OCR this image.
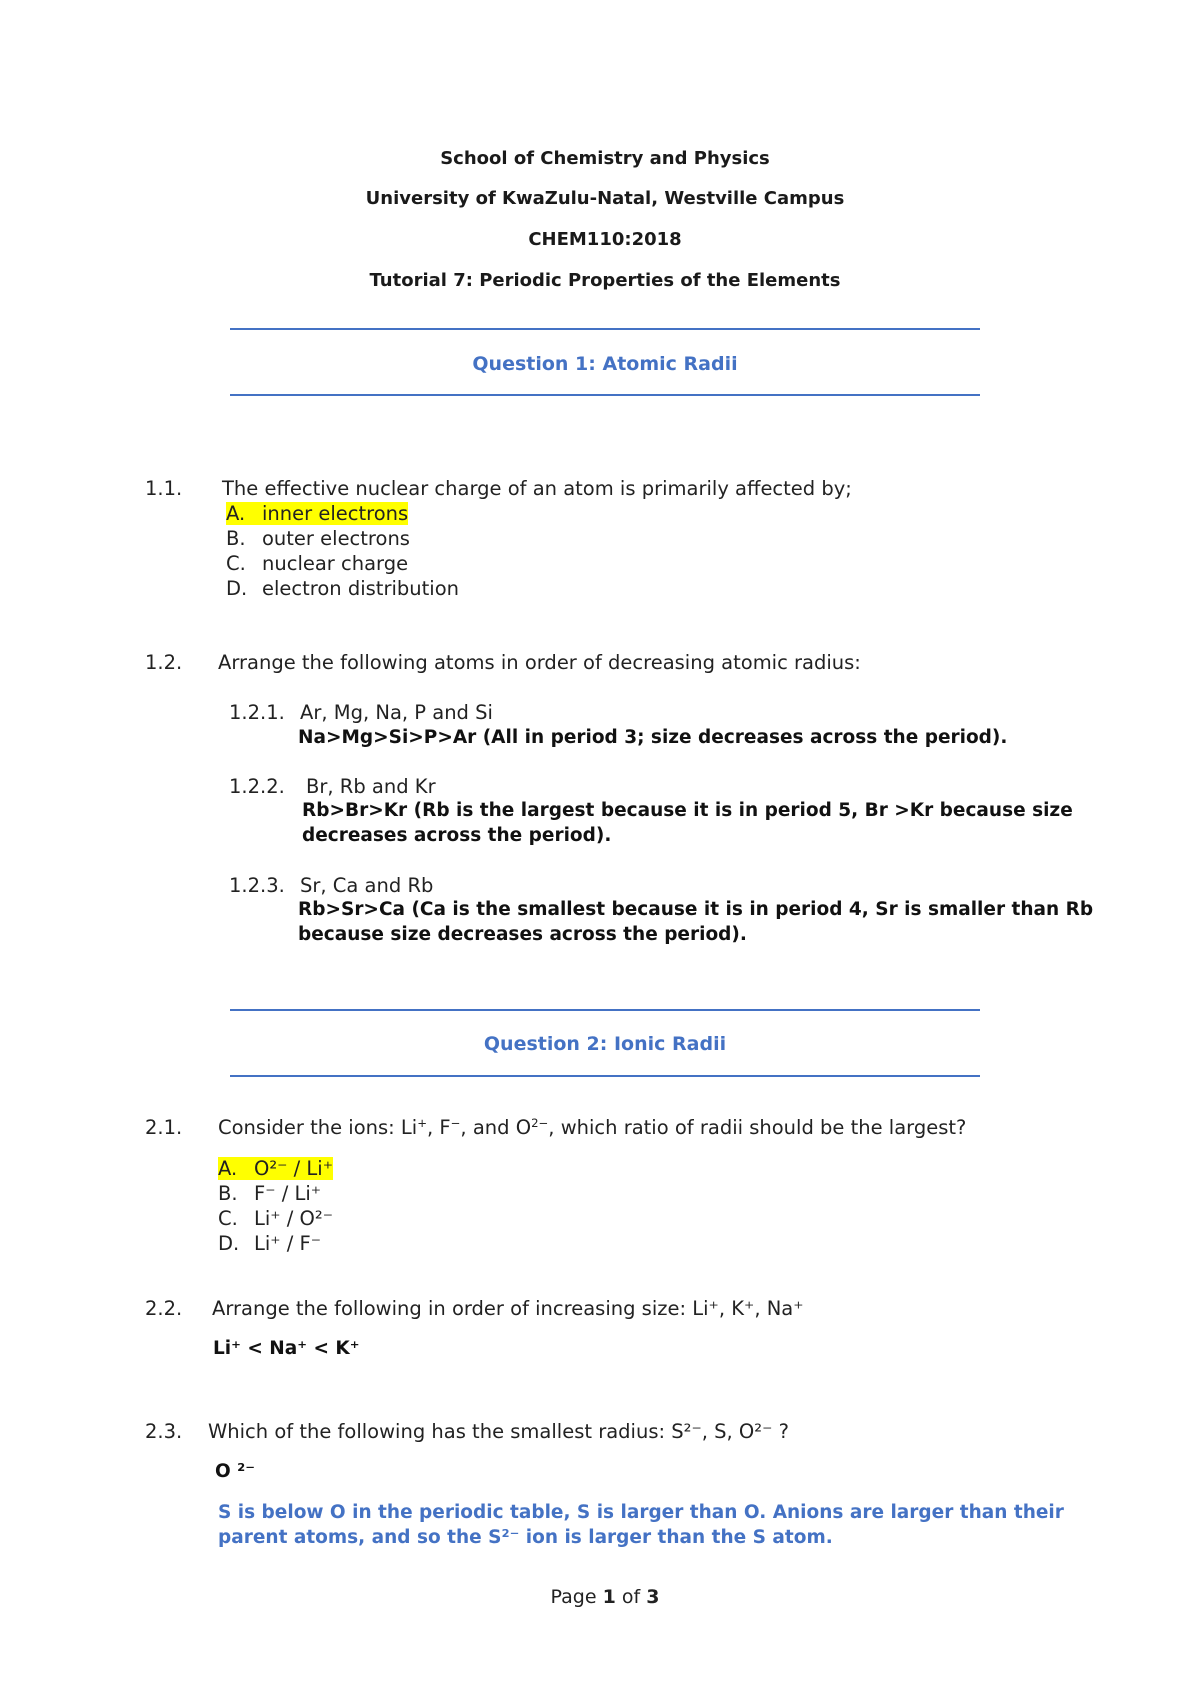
School of Chemistry and Physics
University of KwaZulu-Natal, Westville Campus
CHEM110:2018
Tutorial 7: Periodic Properties of the Elements
Question 1: Atomic Radii
1.1. The effective nuclear charge of an atom is primarily affected by;
A. inner electrons
B. outer electrons
C. nuclear charge
D. electron distribution
1.2. Arrange the following atoms in order of decreasing atomic radius:
1.2.1. Ar, Mg, Na, P and Si
Na>Mg>Si>P>Ar (All in period 3; size decreases across the period).
1.2.2. Br, Rb and Kr
Rb>Br>Kr (Rb is the largest because it is in period 5, Br >Kr because size
decreases across the period).
1.2.3. Sr, Ca and Rb
Rb>Sr>Ca (Ca is the smallest because it is in period 4, Sr is smaller than Rb
because size decreases across the period).
Question 2: Ionic Radii
2.1. Consider the ions: Li+, F−, and $O^{2-}$, which ratio of radii should be the largest?
A. O²⁻ / Li⁺
B. F⁻ / Li⁺
C. Li⁺ / O²⁻
D. Li⁺ / F⁻
2.2. Arrange the following in order of increasing size: Li⁺, K⁺, Na⁺
Li⁺ < Na⁺ < K⁺
2.3. Which of the following has the smallest radius: S²⁻, S, O²⁻ ?
O ²⁻
S is below O in the periodic table, S is larger than O. Anions are larger than their
parent atoms, and so the S²⁻ ion is larger than the S atom.
Page 1 of 3
